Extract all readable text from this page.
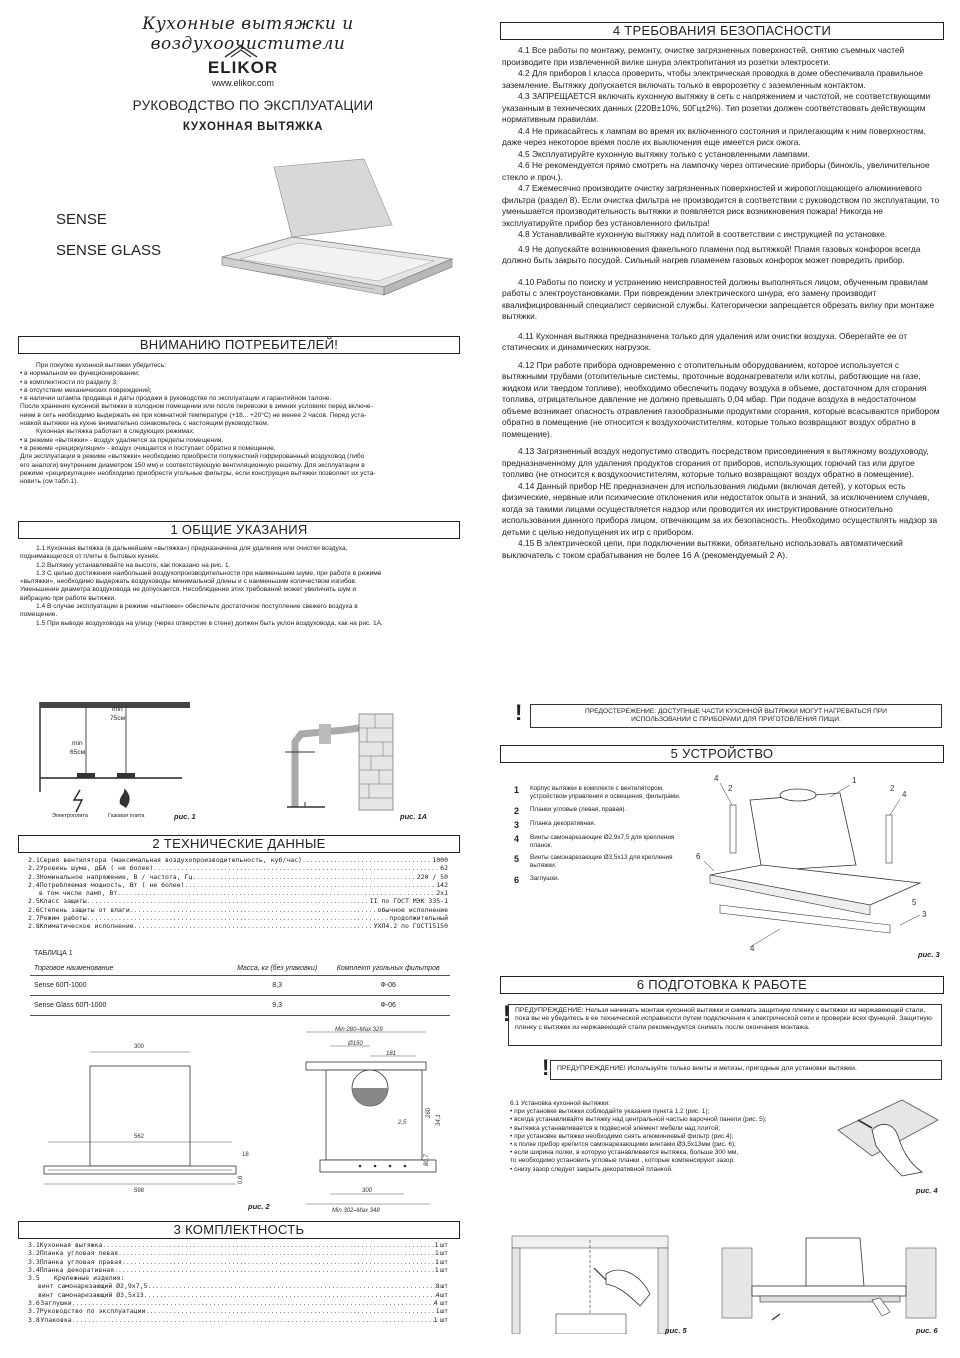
Кухонные вытяжки и воздухоочистители
ELIKOR
www.elikor.com
РУКОВОДСТВО ПО ЭКСПЛУАТАЦИИ
КУХОННАЯ ВЫТЯЖКА
SENSE
SENSE GLASS
ВНИМАНИЮ ПОТРЕБИТЕЛЕЙ!

При покупке кухонной вытяжки убедитесь:

• в нормальном ее функционировании;

• в комплектности по разделу 3;

• в отсутствии механических повреждений;

• в наличии штампа продавца и даты продажи в руководстве по эксплуатации и гарантийном талоне.

После хранения кухонной вытяжки в холодном помещении или после перевозки в зимних условиях перед включе-

нием в сеть необходимо выдержать ее при комнатной температуре (+18... +20°С) не менее 2 часов. Перед уста-

новкой вытяжки на кухне внимательно ознакомьтесь с настоящим руководством.

Кухонная вытяжка работает в следующих режимах:

• в режиме «вытяжки» - воздух удаляется за пределы помещения.

• в режиме «рециркуляции» - воздух очищается и поступает обратно в помещение.

Для эксплуатации в режиме «вытяжки» необходимо приобрести полужесткий гофрированный воздуховод (либо

его аналоги) внутренним диаметром 150 мм) и соответствующую вентиляционную решетку. Для эксплуатации в

режиме «рециркуляции» необходимо приобрести угольные фильтры, если конструкция вытяжки позволяет их уста-

новить (см табл.1).

1 ОБЩИЕ УКАЗАНИЯ

1.1 Кухонная вытяжка (в дальнейшем «вытяжка») предназначена для удаления или очистки воздуха,

поднимающегося от плиты в бытовых кухнях.

1.2 Вытяжку устанавливайте на высоте, как показано на рис. 1.

1.3 С целью достижения наибольшей воздухопроизводительности при наименьшем шуме, при работе в режиме

«вытяжки», необходимо выдержать воздуховоды минимальной длины и с наименьшим количеством изгибов.

Уменьшение диаметра воздуховода не допускается. Несоблюдение этих требований может увеличить шум и

вибрацию при работе вытяжки.

1.4 В случае эксплуатации в режиме «вытяжки» обеспечьте достаточное поступление свежего воздуха в

помещение.

1.5 При выводе воздуховода на улицу (через отверстие в стене) должен быть уклон воздуховода, как на рис. 1А.

min
65см
min
75см
Электроплита	Газовая плита	рис. 1	рис. 1А
2 ТЕХНИЧЕСКИЕ ДАННЫЕ
2.1 Серия вентилятора (максимальная воздухопроизводительность, куб/час) .....	1000
2.2 Уровень шума, дБА ( не более) .....	62
2.3 Номинальное напряжение, В / частота, Гц .....	220 / 50
2.4 Потребляемая мощность, Вт ( не более) .....	142
в том числе ламп, Вт .....	2х1
2.5 Класс защиты .....	II по ГОСТ МЭК 335-1
2.6 Степень защиты от влаги .....	обычное исполнение
2.7 Режим работы .....	продолжительный
2.8 Климатическое исполнение .....	УХЛ4.2 по ГОСТ15150
ТАБЛИЦА 1
Торговое наименование	Масса, кг (без упаковки)	Комплект угольных фильтров
Sense 60П-1000	8,3	Ф-06
Sense Glass 60П-1000	9,3	Ф-06
300
562
598
18
0,6
Min 280–Max 329
Ø150
181
2,5
260
34,1
80,7
300
Min 302–Max 348
рис. 2
3 КОМПЛЕКТНОСТЬ
3.1 Кухонная вытяжка .....	1 шт
3.2 Планка угловая левая .....	1 шт
3.3 Планка угловая правая .....	1 шт
3.4 Планка декоративная .....	1 шт
3.5	Крепежные изделия:
винт самонарезающий Ø2,9х7,5 .....	8 шт
винт самонарезающий Ø3,5х13 .....	4 шт
3.6 Заглушки .....	4 шт
3.7 Руководство по эксплуатации .....	1 шт
3.8 Упаковка .....	1 шт
4 ТРЕБОВАНИЯ БЕЗОПАСНОСТИ

4.1 Все работы по монтажу, ремонту, очистке загрязненных поверхностей, снятию съемных частей производите при извлеченной вилке шнура электропитания из розетки электросети.

4.2 Для приборов I класса проверить, чтобы электрическая проводка в доме обеспечивала правильное заземление. Вытяжку допускается включать только в евророзетку с заземленным контактом.

4.3 ЗАПРЕЩАЕТСЯ включать кухонную вытяжку в сеть с напряжением и частотой, не соответствующими указанным в технических данных (220В±10%, 50Гц±2%). Тип розетки должен соответствовать действующим нормативным правилам.

4.4 Не прикасайтесь к лампам во время их включенного состояния и прилегающим к ним поверхностям, даже через некоторое время после их выключения еще имеется риск ожога.

4.5 Эксплуатируйте кухонную вытяжку только с установленными лампами.

4.6 Не рекомендуется прямо смотреть на лампочку через оптические приборы (бинокль, увеличительное стекло и проч.).

4.7 Ежемесячно производите очистку загрязненных поверхностей и жиропоглощающего алюминиевого фильтра (раздел 8). Если очистка фильтра не производится в соответствии с руководством по эксплуатации, то уменьшается производительность вытяжки и появляется риск возникновения пожара! Никогда не эксплуатируйте прибор без установленного фильтра!

4.8 Устанавливайте кухонную вытяжку над плитой в соответствии с инструкцией по установке.

4.9 Не допускайте возникновения факельного пламени под вытяжкой! Пламя газовых конфорок всегда должно быть закрыто посудой. Сильный нагрев пламенем газовых конфорок может повредить прибор.

4.10 Работы по поиску и устранению неисправностей должны выполняться лицом, обученным правилам работы с электроустановками. При повреждении электрического шнура, его замену производит квалифицированный специалист сервисной службы. Категорически запрещается обрезать вилку при монтаже вытяжки.

4.11 Кухонная вытяжка предназначена только для удаления или очистки воздуха. Оберегайте ее от статических и динамических нагрузок.

4.12 При работе прибора одновременно с отопительным оборудованием, которое используется с вытяжными трубами (отопительные системы, проточные водонагреватели или котлы, работающие на газе, жидком или твердом топливе), необходимо обеспечить подачу воздуха в объеме, достаточном для сгорания топлива, отрицательное давление не должно превышать 0,04 мбар. При подаче воздуха в недостаточном объеме возникает опасность отравления газообразными продуктами сгорания, которые всасываются прибором обратно в помещение (не относится к воздухоочистителям, которые только возвращают воздух обратно в помещение).

4.13 Загрязненный воздух недопустимо отводить посредством присоединения к вытяжному воздуховоду, предназначенному для удаления продуктов сгорания от приборов, использующих горючий газ или другое топливо (не относится к воздухоочистителям, которые только возвращают воздух обратно в помещение).

4.14 Данный прибор НЕ предназначен для использования людьми (включая детей), у которых есть физические, нервные или психические отклонения или недостаток опыта и знаний, за исключением случаев, когда за такими лицами осуществляется надзор или проводится их инструктирование относительно использования данного прибора лицом, отвечающим за их безопасность. Необходимо осуществлять надзор за детьми с целью недопущения их игр с прибором.

4.15 В электрической цепи, при подключении вытяжки, обязательно использовать автоматический выключатель с током срабатывания не более 16 А (рекомендуемый 2 А).

!	ПРЕДОСТЕРЕЖЕНИЕ: ДОСТУПНЫЕ ЧАСТИ КУХОННОЙ ВЫТЯЖКИ МОГУТ НАГРЕВАТЬСЯ ПРИ
ИСПОЛЬЗОВАНИИ С ПРИБОРАМИ ДЛЯ ПРИГОТОВЛЕНИЯ ПИЩИ.
5 УСТРОЙСТВО
1	Корпус вытяжки в комплекте с вентилятором, устройством управления и освещения, фильтрами.
2	Планки угловые (левая, правая).
3	Планка декоративная.
4	Винты самонарезающие Ø2,9х7,5 для крепления планок.
5	Винты самонарезающие Ø3,5х13 для крепления вытяжки.
6	Заглушки.
1
4
2
4
2
6
5
3
4
рис. 3
6 ПОДГОТОВКА К РАБОТЕ
! ПРЕДУПРЕЖДЕНИЕ: Нельзя начинать монтаж кухонной вытяжки и снимать защитную пленку с вытяжки из нержавеющей стали, пока вы не убедитесь в ее технической исправности путем подключения к электрической сети и проверки всех функций. Защитную пленку с вытяжек из нержавеющей стали рекомендуется снимать после окончания монтажа.
!	ПРЕДУПРЕЖДЕНИЕ! Используйте только винты и метизы, пригодные для установки вытяжки.

6.1 Установка кухонной вытяжки:

• при установке вытяжки соблюдайте указания пункта 1.2 (рис. 1);

• всегда устанавливайте вытяжку над центральной частью варочной панели (рис. 5);

• вытяжка устанавливается в подвесной элемент мебели над плитой;

• при установке вытяжки необходимо снять алюминиевый фильтр (рис 4);

• к полке прибор крепится самонарезающими винтами Ø3,5х13мм (рис. 6);

• если ширина полки, в которую устанавливается вытяжка, больше 300 мм,

то необходимо установить угловые планки , которые компенсируют зазор.

• снизу зазор следует закрыть декоративной планкой.

рис. 4
рис. 5	рис. 6
